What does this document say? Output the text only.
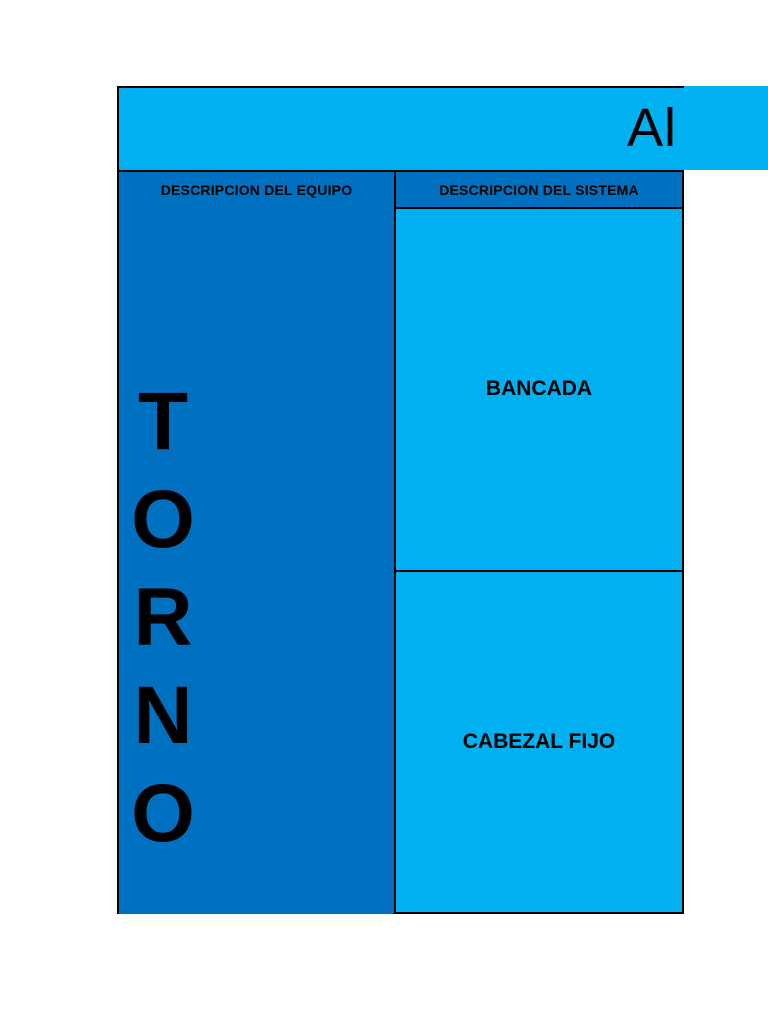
Al
DESCRIPCION DEL EQUIPO	DESCRIPCION DEL SISTEMA
T
O
R
N
O
BANCADA
CABEZAL FIJO
